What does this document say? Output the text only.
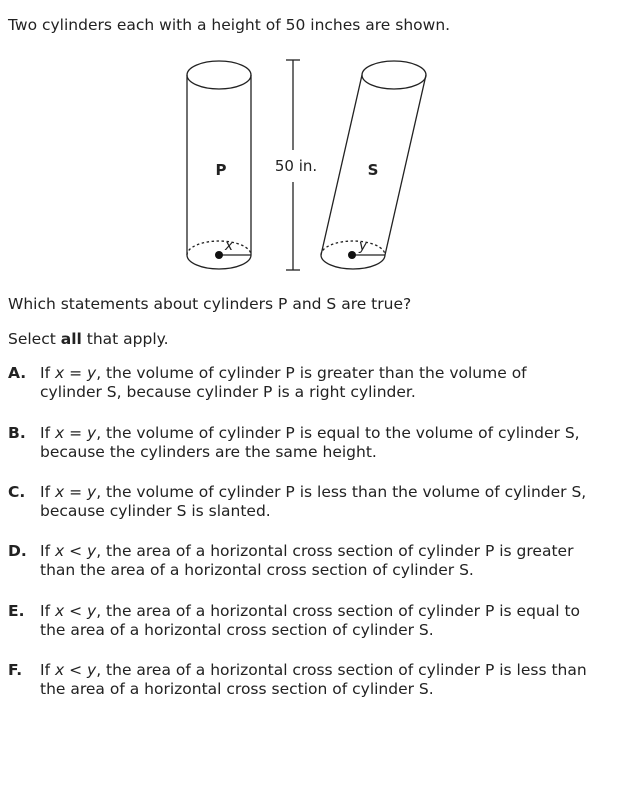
Two cylinders each with a height of 50 inches are shown.

P
x
50 in.	S
y

Which statements about cylinders P and S are true?

Select all that apply.

A. If x = y, the volume of cylinder P is greater than the volume of
cylinder S, because cylinder P is a right cylinder.
B. If x = y, the volume of cylinder P is equal to the volume of cylinder S,
because the cylinders are the same height.
C. If x = y, the volume of cylinder P is less than the volume of cylinder S,
because cylinder S is slanted.
D. If x < y, the area of a horizontal cross section of cylinder P is greater
than the area of a horizontal cross section of cylinder S.
E. If x < y, the area of a horizontal cross section of cylinder P is equal to
the area of a horizontal cross section of cylinder S.
F. If x < y, the area of a horizontal cross section of cylinder P is less than
the area of a horizontal cross section of cylinder S.
